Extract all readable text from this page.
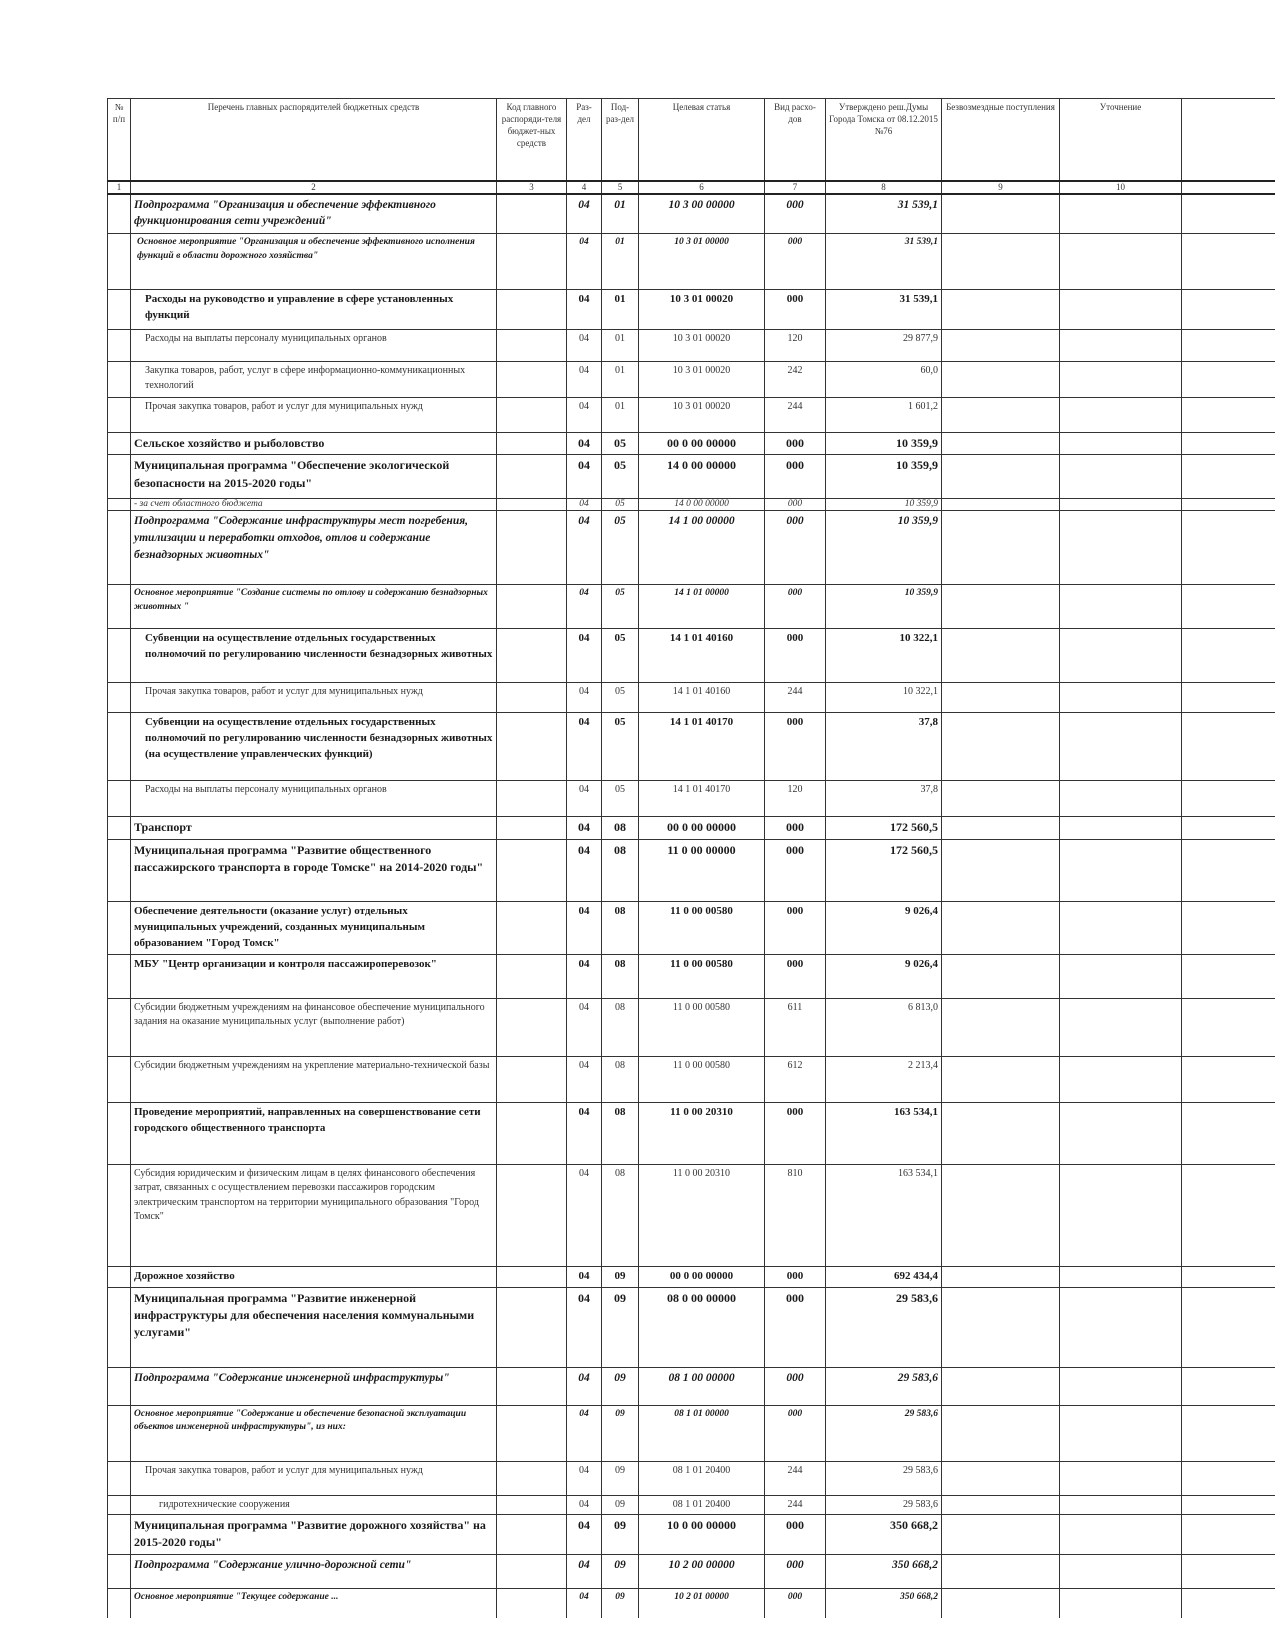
№ п/п	Перечень главных распорядителей бюджетных средств	Код главного распоряди-теля бюджет-ных средств	Раз-дел	Под-раз-дел	Целевая статья	Вид расхо-дов	Утверждено реш.Думы Города Томска от 08.12.2015 №76	Безвозмездные поступления	Уточнение	
1	2	3	4	5	6	7	8	9	10	
	Подпрограмма "Организация и обеспечение эффективного функционирования сети учреждений"		04	01	10 3 00 00000	000	31 539,1			
	Основное мероприятие "Организация и обеспечение эффективного исполнения функций в области дорожного хозяйства"		04	01	10 3 01 00000	000	31 539,1			
	Расходы на руководство и управление в сфере установленных функций		04	01	10 3 01 00020	000	31 539,1			
	Расходы на выплаты персоналу муниципальных органов		04	01	10 3 01 00020	120	29 877,9			
	Закупка товаров, работ, услуг в сфере информационно-коммуникационных технологий		04	01	10 3 01 00020	242	60,0			
	Прочая закупка товаров, работ и услуг для муниципальных нужд		04	01	10 3 01 00020	244	1 601,2			
	Сельское хозяйство и рыболовство		04	05	00 0 00 00000	000	10 359,9			
	Муниципальная программа "Обеспечение экологической безопасности на 2015-2020 годы"		04	05	14 0 00 00000	000	10 359,9			
	- за счет областного бюджета		04	05	14 0 00 00000	000	10 359,9			
	Подпрограмма "Содержание инфраструктуры мест погребения, утилизации и переработки отходов, отлов и содержание безнадзорных животных"		04	05	14 1 00 00000	000	10 359,9			
	Основное мероприятие "Создание системы по отлову и содержанию безнадзорных животных "		04	05	14 1 01 00000	000	10 359,9			
	Субвенции на осуществление отдельных государственных полномочий по регулированию численности безнадзорных животных		04	05	14 1 01 40160	000	10 322,1			
	Прочая закупка товаров, работ и услуг для муниципальных нужд		04	05	14 1 01 40160	244	10 322,1			
	Субвенции на осуществление отдельных государственных полномочий по регулированию численности безнадзорных животных (на осуществление управленческих функций)		04	05	14 1 01 40170	000	37,8			
	Расходы на выплаты персоналу муниципальных органов		04	05	14 1 01 40170	120	37,8			
	Транспорт		04	08	00 0 00 00000	000	172 560,5			
	Муниципальная программа "Развитие общественного пассажирского транспорта в городе Томске" на 2014-2020 годы"		04	08	11 0 00 00000	000	172 560,5			
	Обеспечение деятельности (оказание услуг) отдельных муниципальных учреждений, созданных муниципальным образованием "Город Томск"		04	08	11 0 00 00580	000	9 026,4			
	МБУ "Центр организации и контроля пассажироперевозок"		04	08	11 0 00 00580	000	9 026,4			
	Субсидии бюджетным учреждениям на финансовое обеспечение муниципального задания на оказание муниципальных услуг (выполнение работ)		04	08	11 0 00 00580	611	6 813,0			
	Субсидии бюджетным учреждениям на укрепление материально-технической базы		04	08	11 0 00 00580	612	2 213,4			
	Проведение мероприятий, направленных на совершенствование сети городского общественного транспорта		04	08	11 0 00 20310	000	163 534,1			
	Субсидия юридическим и физическим лицам в целях финансового обеспечения затрат, связанных с осуществлением перевозки пассажиров городским электрическим транспортом на территории муниципального образования "Город Томск"		04	08	11 0 00 20310	810	163 534,1			
	Дорожное хозяйство		04	09	00 0 00 00000	000	692 434,4			
	Муниципальная программа "Развитие инженерной инфраструктуры для обеспечения населения коммунальными услугами"		04	09	08 0 00 00000	000	29 583,6			
	Подпрограмма "Содержание инженерной инфраструктуры"		04	09	08 1 00 00000	000	29 583,6			
	Основное мероприятие "Содержание и обеспечение безопасной эксплуатации объектов инженерной инфраструктуры", из них:		04	09	08 1 01 00000	000	29 583,6			
	Прочая закупка товаров, работ и услуг для муниципальных нужд		04	09	08 1 01 20400	244	29 583,6			
	гидротехнические сооружения		04	09	08 1 01 20400	244	29 583,6			
	Муниципальная программа "Развитие дорожного хозяйства" на 2015-2020 годы"		04	09	10 0 00 00000	000	350 668,2			
	Подпрограмма "Содержание улично-дорожной сети"		04	09	10 2 00 00000	000	350 668,2			
	Основное мероприятие "Текущее содержание ...		04	09	10 2 01 00000	000	350 668,2			
